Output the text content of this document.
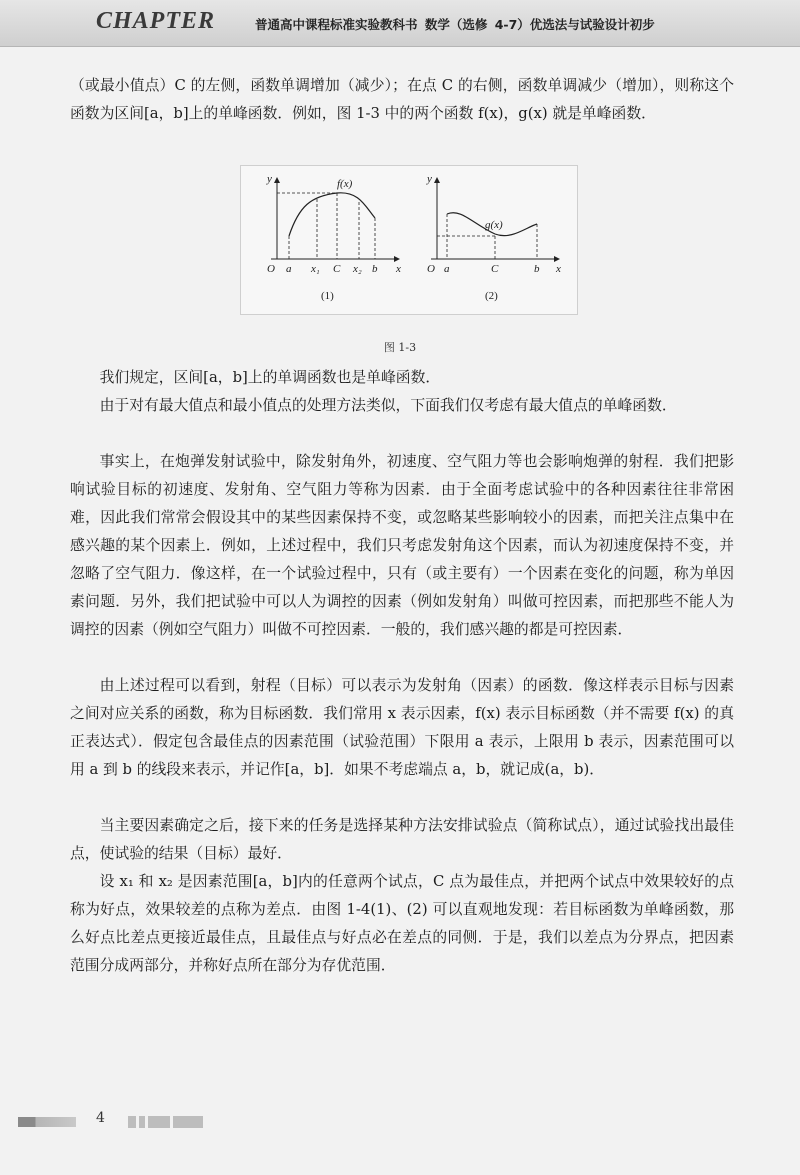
CHAPTER	普通高中课程标准实验教科书 数学（选修 4-7）优选法与试验设计初步

（或最小值点）C 的左侧，函数单调增加（减少）；在点 C 的右侧，函数单调减少（增加），则称这个函数为区间[a，b]上的单峰函数．例如，图 1-3 中的两个函数 f(x)，g(x) 就是单峰函数．

f(x)
y
x
O a x₁ C x₂ b
(1)
g(x)
y
x
O a	C	b
(2)
图 1-3

我们规定，区间[a，b]上的单调函数也是单峰函数．

由于对有最大值点和最小值点的处理方法类似，下面我们仅考虑有最大值点的单峰函数．

事实上，在炮弹发射试验中，除发射角外，初速度、空气阻力等也会影响炮弹的射程．我们把影响试验目标的初速度、发射角、空气阻力等称为因素．由于全面考虑试验中的各种因素往往非常困难，因此我们常常会假设其中的某些因素保持不变，或忽略某些影响较小的因素，而把关注点集中在感兴趣的某个因素上．例如，上述过程中，我们只考虑发射角这个因素，而认为初速度保持不变，并忽略了空气阻力．像这样，在一个试验过程中，只有（或主要有）一个因素在变化的问题，称为单因素问题．另外，我们把试验中可以人为调控的因素（例如发射角）叫做可控因素，而把那些不能人为调控的因素（例如空气阻力）叫做不可控因素．一般的，我们感兴趣的都是可控因素．

由上述过程可以看到，射程（目标）可以表示为发射角（因素）的函数．像这样表示目标与因素之间对应关系的函数，称为目标函数．我们常用 x 表示因素，f(x) 表示目标函数（并不需要 f(x) 的真正表达式）．假定包含最佳点的因素范围（试验范围）下限用 a 表示，上限用 b 表示，因素范围可以用 a 到 b 的线段来表示，并记作[a，b]．如果不考虑端点 a，b，就记成(a，b)．

当主要因素确定之后，接下来的任务是选择某种方法安排试验点（简称试点），通过试验找出最佳点，使试验的结果（目标）最好．

设 x₁ 和 x₂ 是因素范围[a，b]内的任意两个试点，C 点为最佳点，并把两个试点中效果较好的点称为好点，效果较差的点称为差点．由图 1-4(1)、(2) 可以直观地发现：若目标函数为单峰函数，那么好点比差点更接近最佳点，且最佳点与好点必在差点的同侧．于是，我们以差点为分界点，把因素范围分成两部分，并称好点所在部分为存优范围．

4
